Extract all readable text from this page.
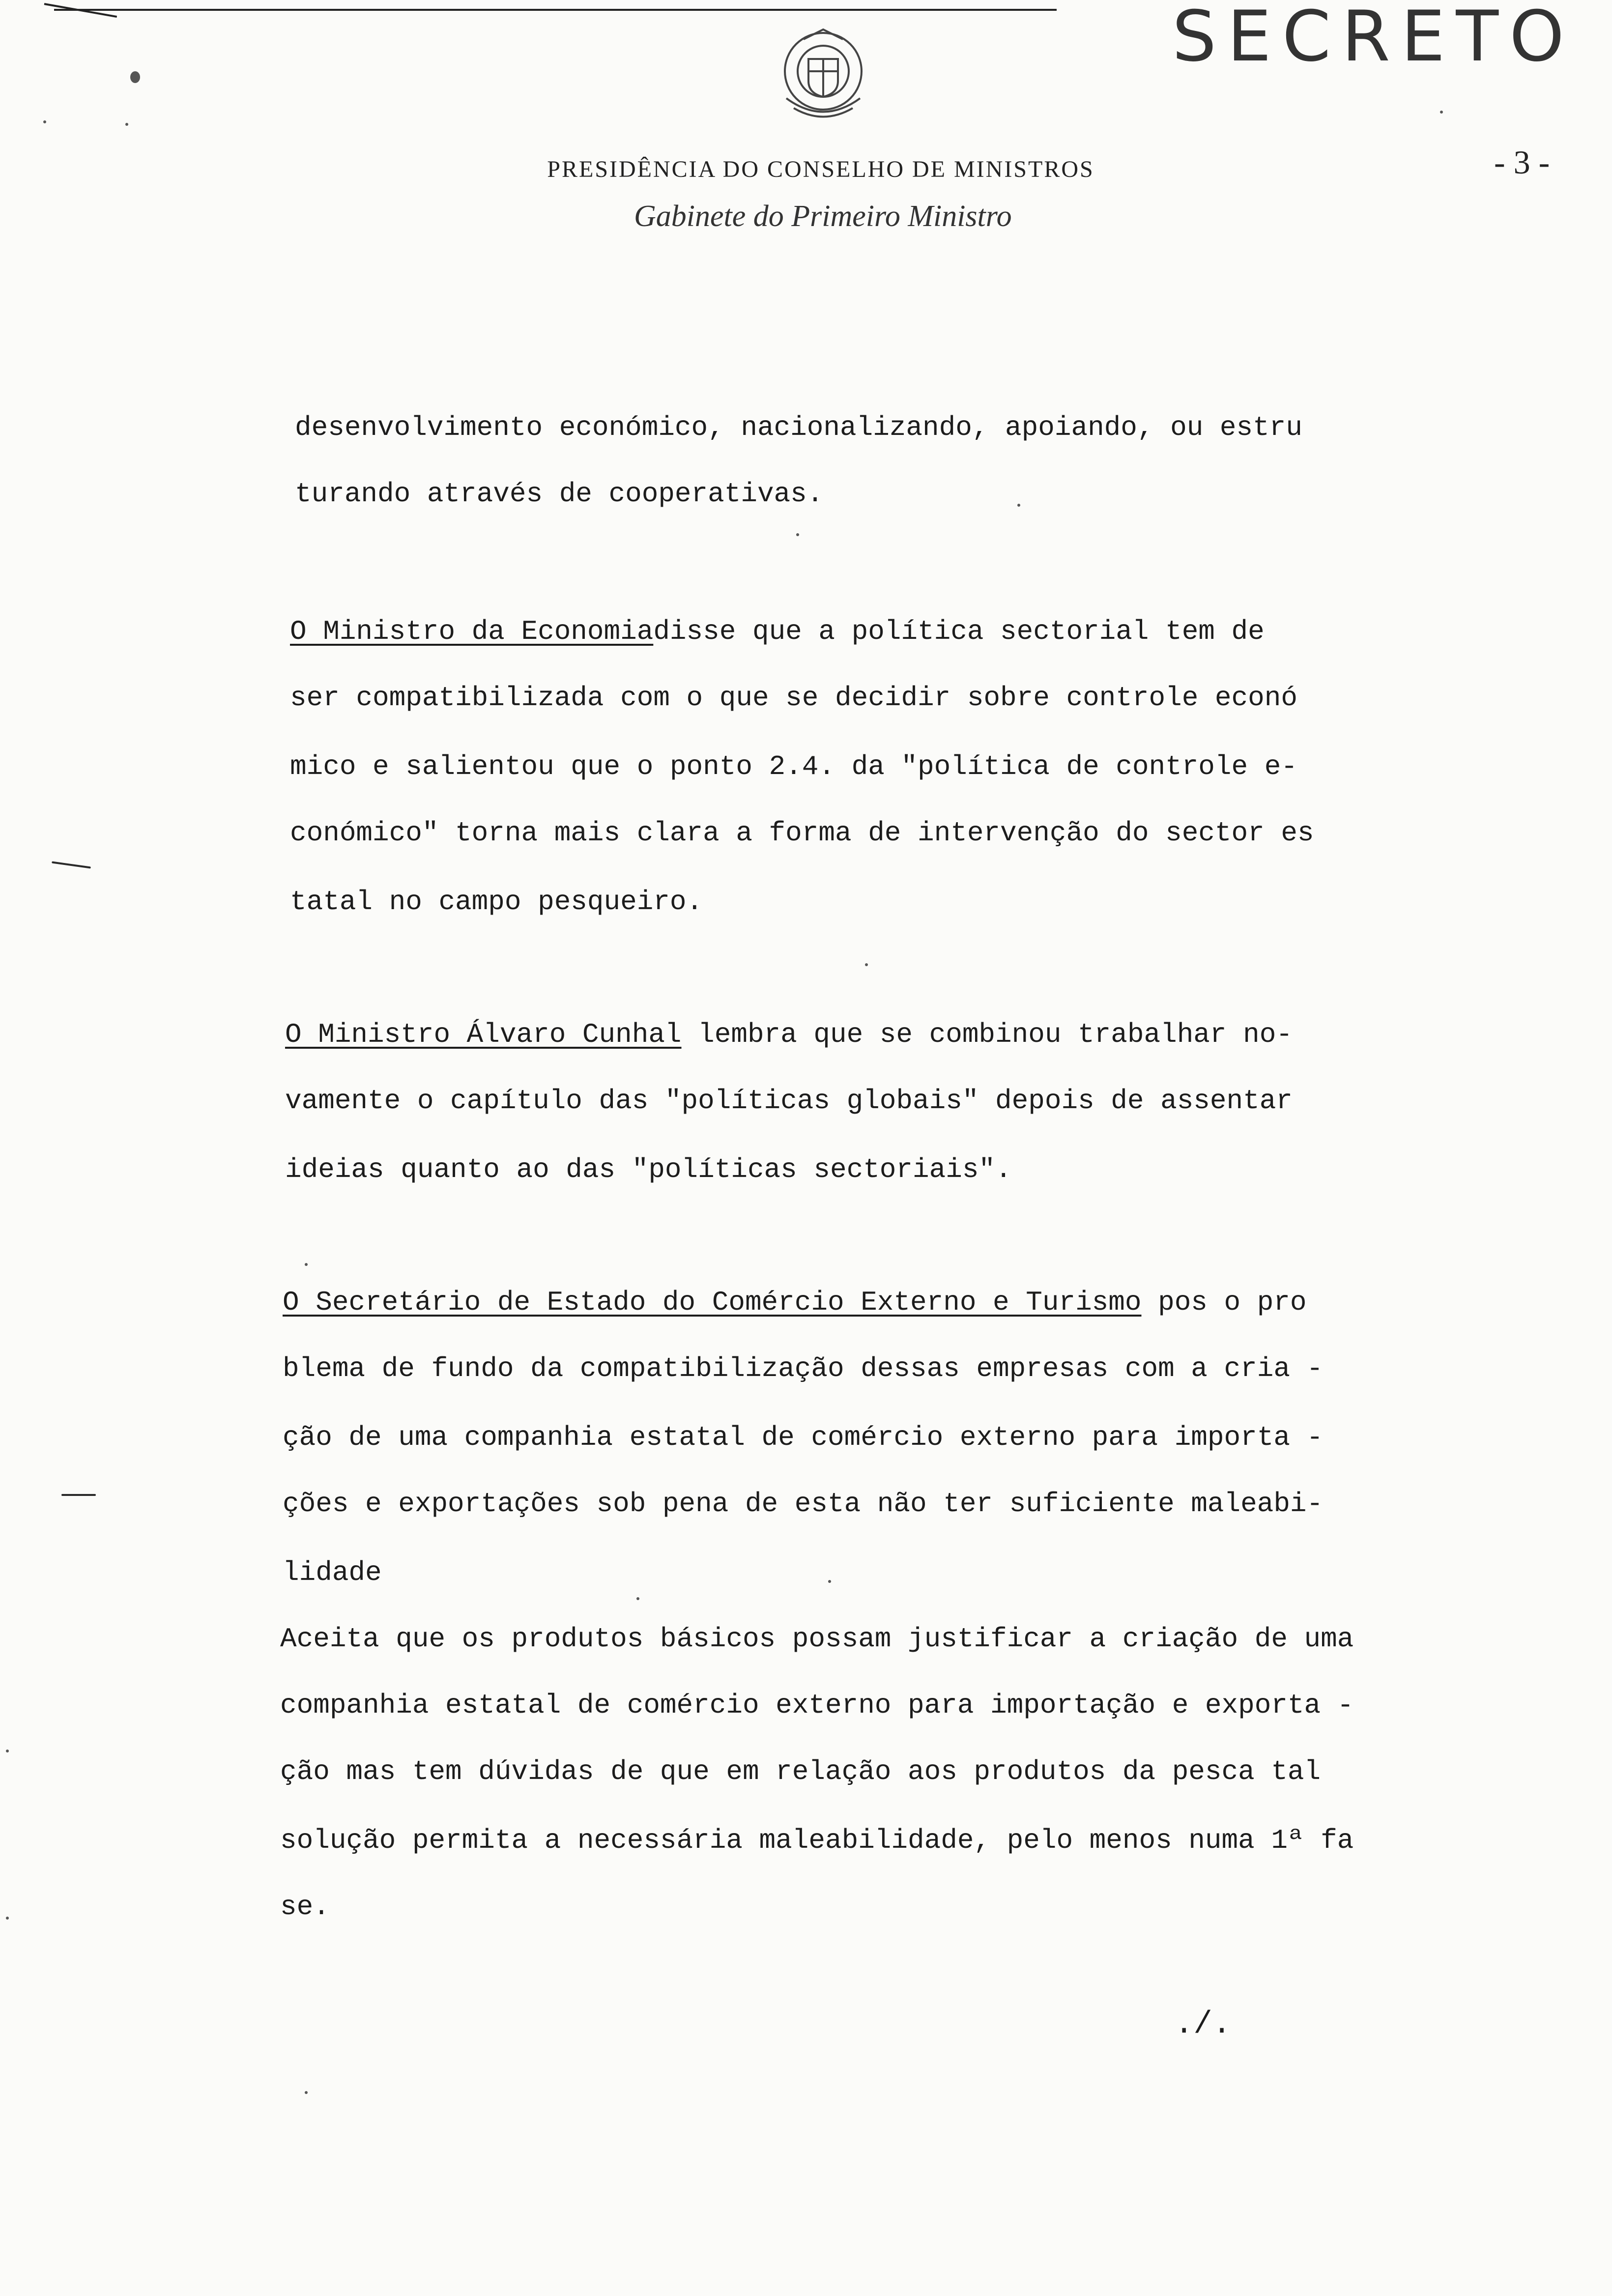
SECRETO
- 3 -
PRESIDÊNCIA DO CONSELHO DE MINISTROS
Gabinete do Primeiro Ministro
desenvolvimento económico, nacionalizando, apoiando, ou estru
turando através de cooperativas.
O Ministro da Economiadisse que a política sectorial tem de
ser compatibilizada com o que se decidir sobre controle econó
mico e salientou que o ponto 2.4. da "política de controle e-
conómico" torna mais clara a forma de intervenção do sector es
tatal no campo pesqueiro.
O Ministro Álvaro Cunhal lembra que se combinou trabalhar no-
vamente o capítulo das "políticas globais" depois de assentar
ideias quanto ao das "políticas sectoriais".
O Secretário de Estado do Comércio Externo e Turismo pos o pro
blema de fundo da compatibilização dessas empresas com a cria -
ção de uma companhia estatal de comércio externo para importa -
ções e exportações sob pena de esta não ter suficiente maleabi-
lidade
Aceita que os produtos básicos possam justificar a criação de uma
companhia estatal de comércio externo para importação e exporta -
ção mas tem dúvidas de que em relação aos produtos da pesca tal
solução permita a necessária maleabilidade, pelo menos numa 1ª fa
se.
./.
